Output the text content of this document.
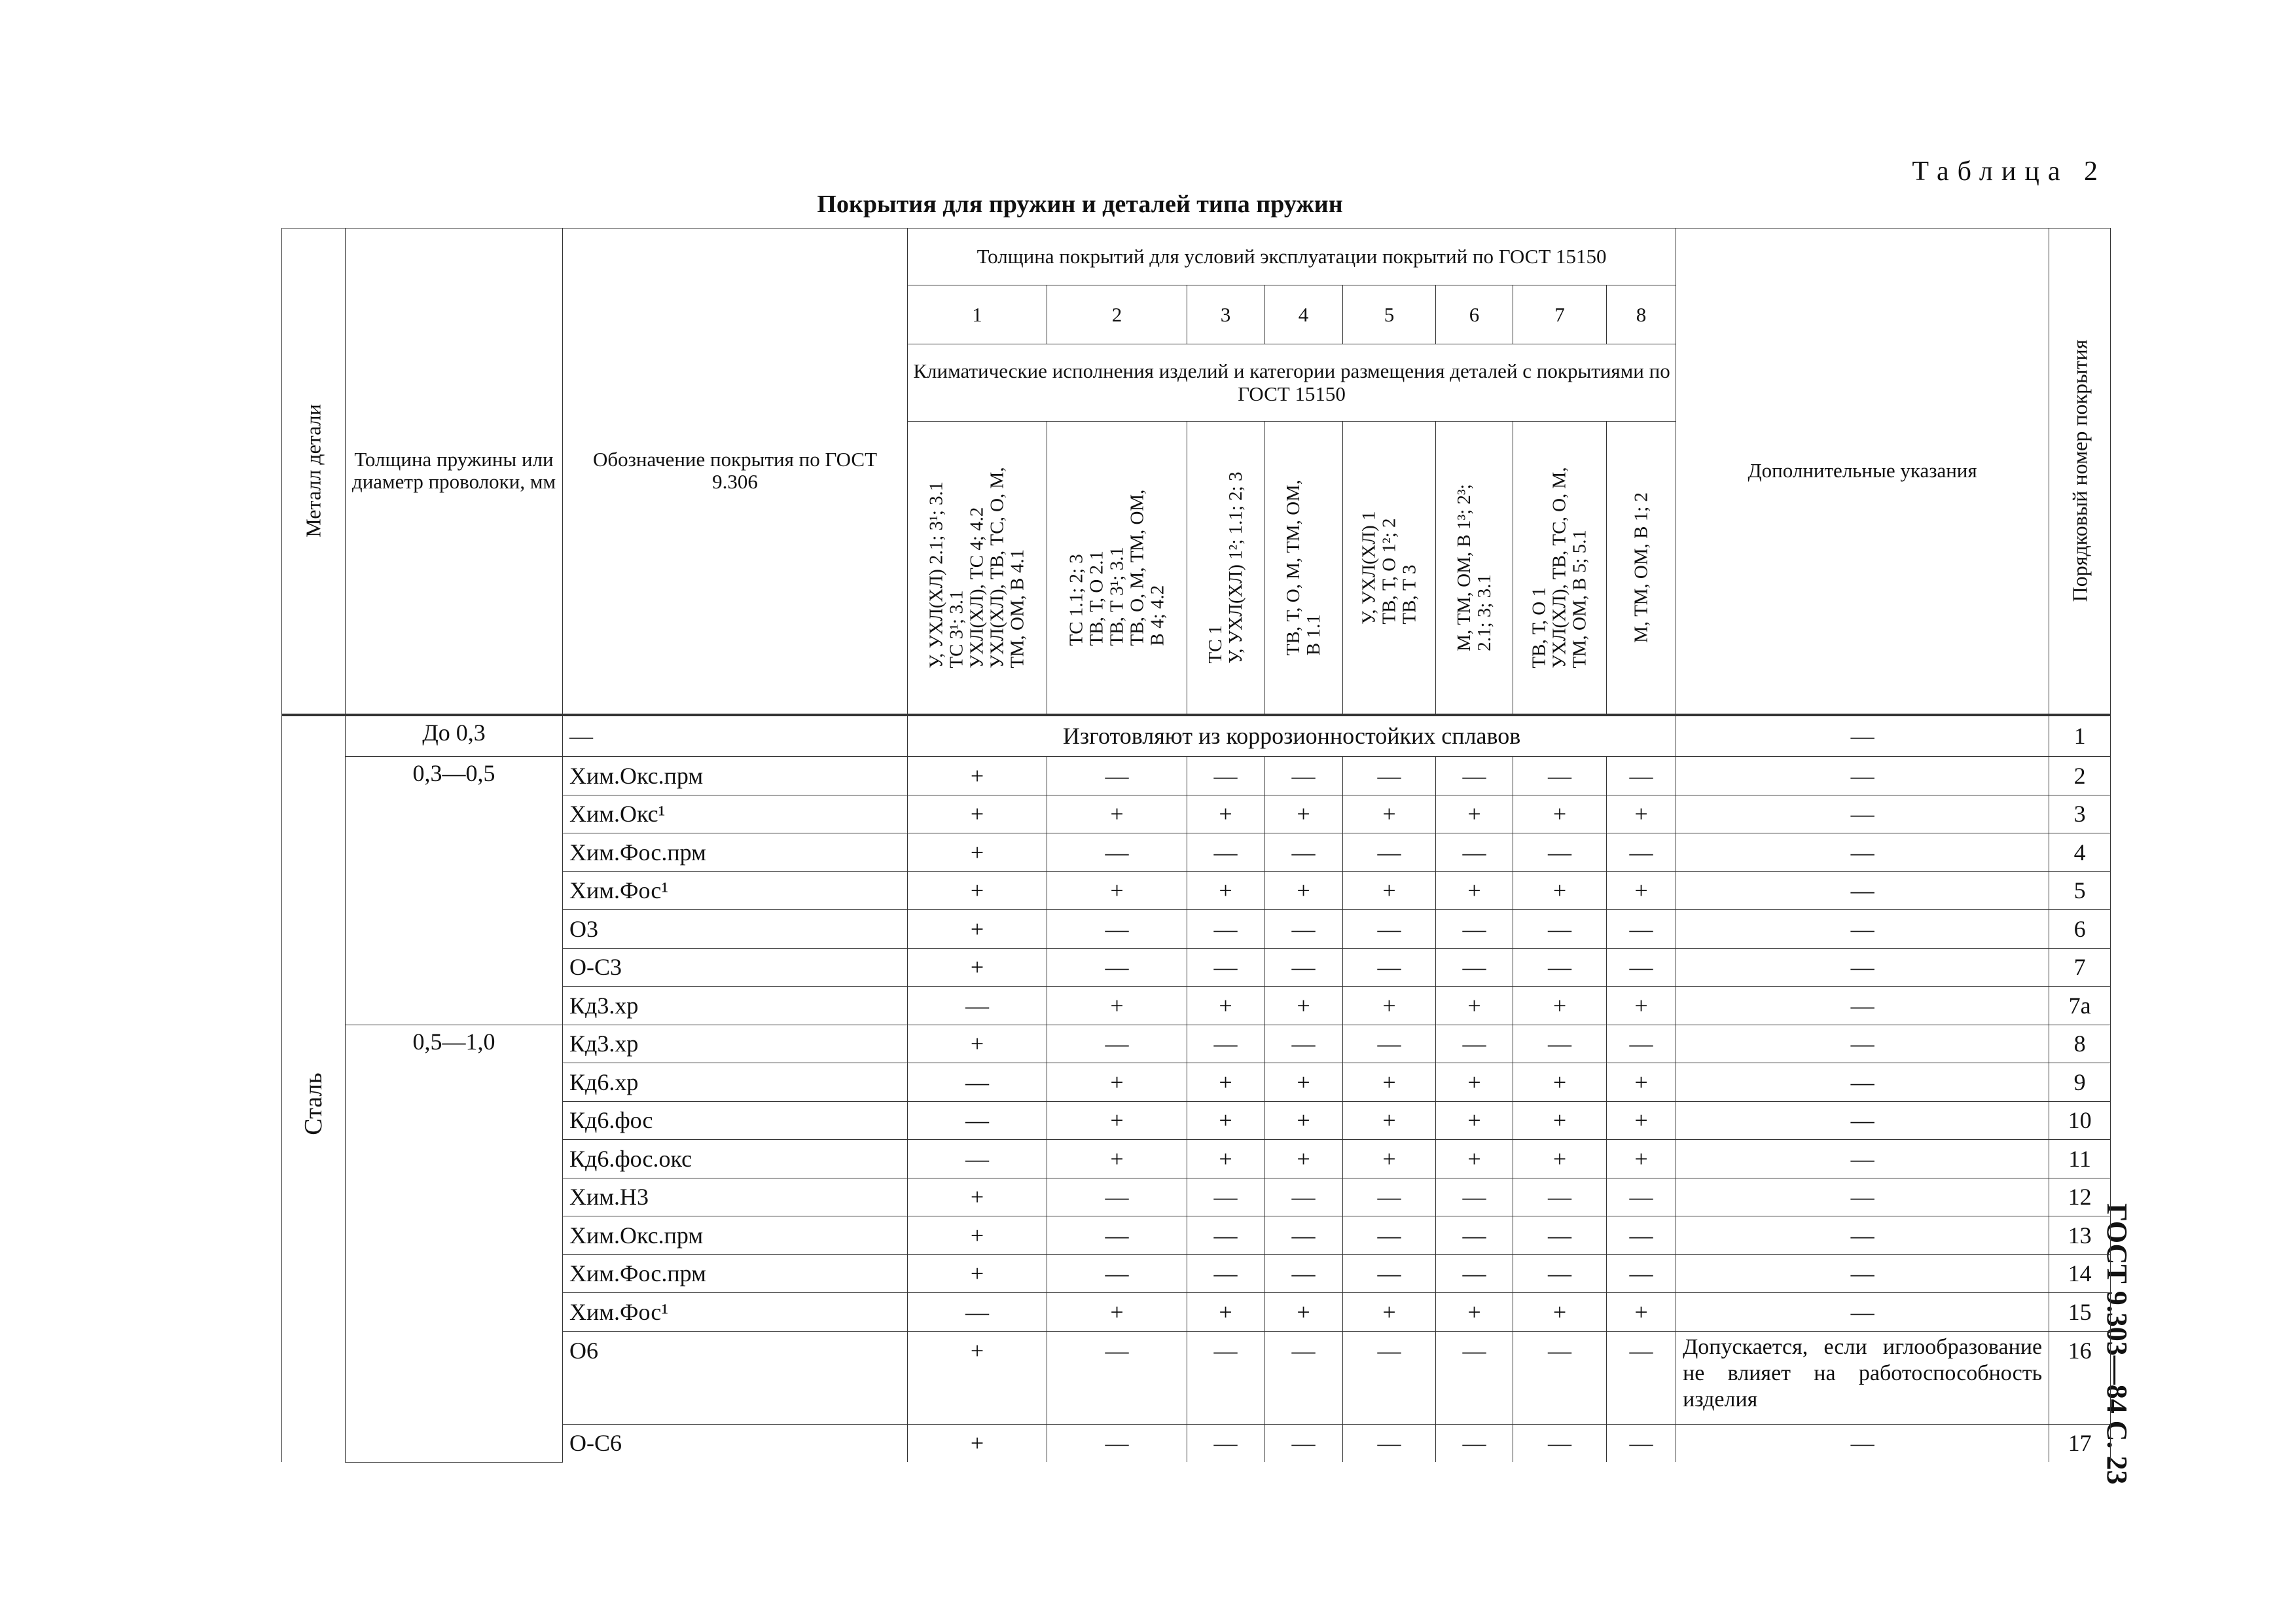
Таблица 2
Покрытия для пружин и деталей типа пружин
ГОСТ 9.303—84 С. 23
Металл детали	Толщина пружины или диаметр проволоки, мм	Обозначение покрытия по ГОСТ 9.306	Толщина покрытий для условий эксплуатации покрытий по ГОСТ 15150								Дополнительные указания	Порядковый номер покрытия

			1	2	3	4	5	6	7	8		
			Климатические исполнения изделий и категории размещения деталей с покрытиями по ГОСТ 15150									

			У, УХЛ(ХЛ) 2.1; 3¹; 3.1
ТС 3¹; 3.1
УХЛ(ХЛ), ТС 4; 4.2
УХЛ(ХЛ), ТВ, ТС, О, М,
ТМ, ОМ, В 4.1	ТС 1.1; 2; 3
ТВ, Т, О 2.1
ТВ, Т 3¹; 3.1
ТВ, О, М, ТМ, ОМ,
В 4; 4.2	ТС 1
У, УХЛ(ХЛ) 1²; 1.1; 2; 3	ТВ, Т, О, М, ТМ, ОМ,
В 1.1	У, УХЛ(ХЛ) 1
ТВ, Т, О 1²; 2
ТВ, Т 3	М, ТМ, ОМ, В 1³; 2³;
2.1; 3; 3.1	ТВ, Т, О 1
УХЛ(ХЛ), ТВ, ТС, О, М,
ТМ, ОМ, В 5; 5.1	М, ТМ, ОМ, В 1; 2		

Сталь	До 0,3	—	Изготовляют из коррозионностойких сплавов								—	1
	0,3—0,5	Хим.Окс.прм	+	—	—	—	—	—	—	—	—	2
		Хим.Окс¹	+	+	+	+	+	+	+	+	—	3
		Хим.Фос.прм	+	—	—	—	—	—	—	—	—	4
		Хим.Фос¹	+	+	+	+	+	+	+	+	—	5
		О3	+	—	—	—	—	—	—	—	—	6
		О-С3	+	—	—	—	—	—	—	—	—	7
		Кд3.хр	—	+	+	+	+	+	+	+	—	7а
	0,5—1,0	Кд3.хр	+	—	—	—	—	—	—	—	—	8
		Кд6.хр	—	+	+	+	+	+	+	+	—	9
		Кд6.фос	—	+	+	+	+	+	+	+	—	10
		Кд6.фос.окс	—	+	+	+	+	+	+	+	—	11
		Хим.Н3	+	—	—	—	—	—	—	—	—	12
		Хим.Окс.прм	+	—	—	—	—	—	—	—	—	13
		Хим.Фос.прм	+	—	—	—	—	—	—	—	—	14
		Хим.Фос¹	—	+	+	+	+	+	+	+	—	15
		О6	+	—	—	—	—	—	—	—	Допускается, если иглообразование не влияет на работоспособность изделия	16
		О-С6	+	—	—	—	—	—	—	—	—	17
